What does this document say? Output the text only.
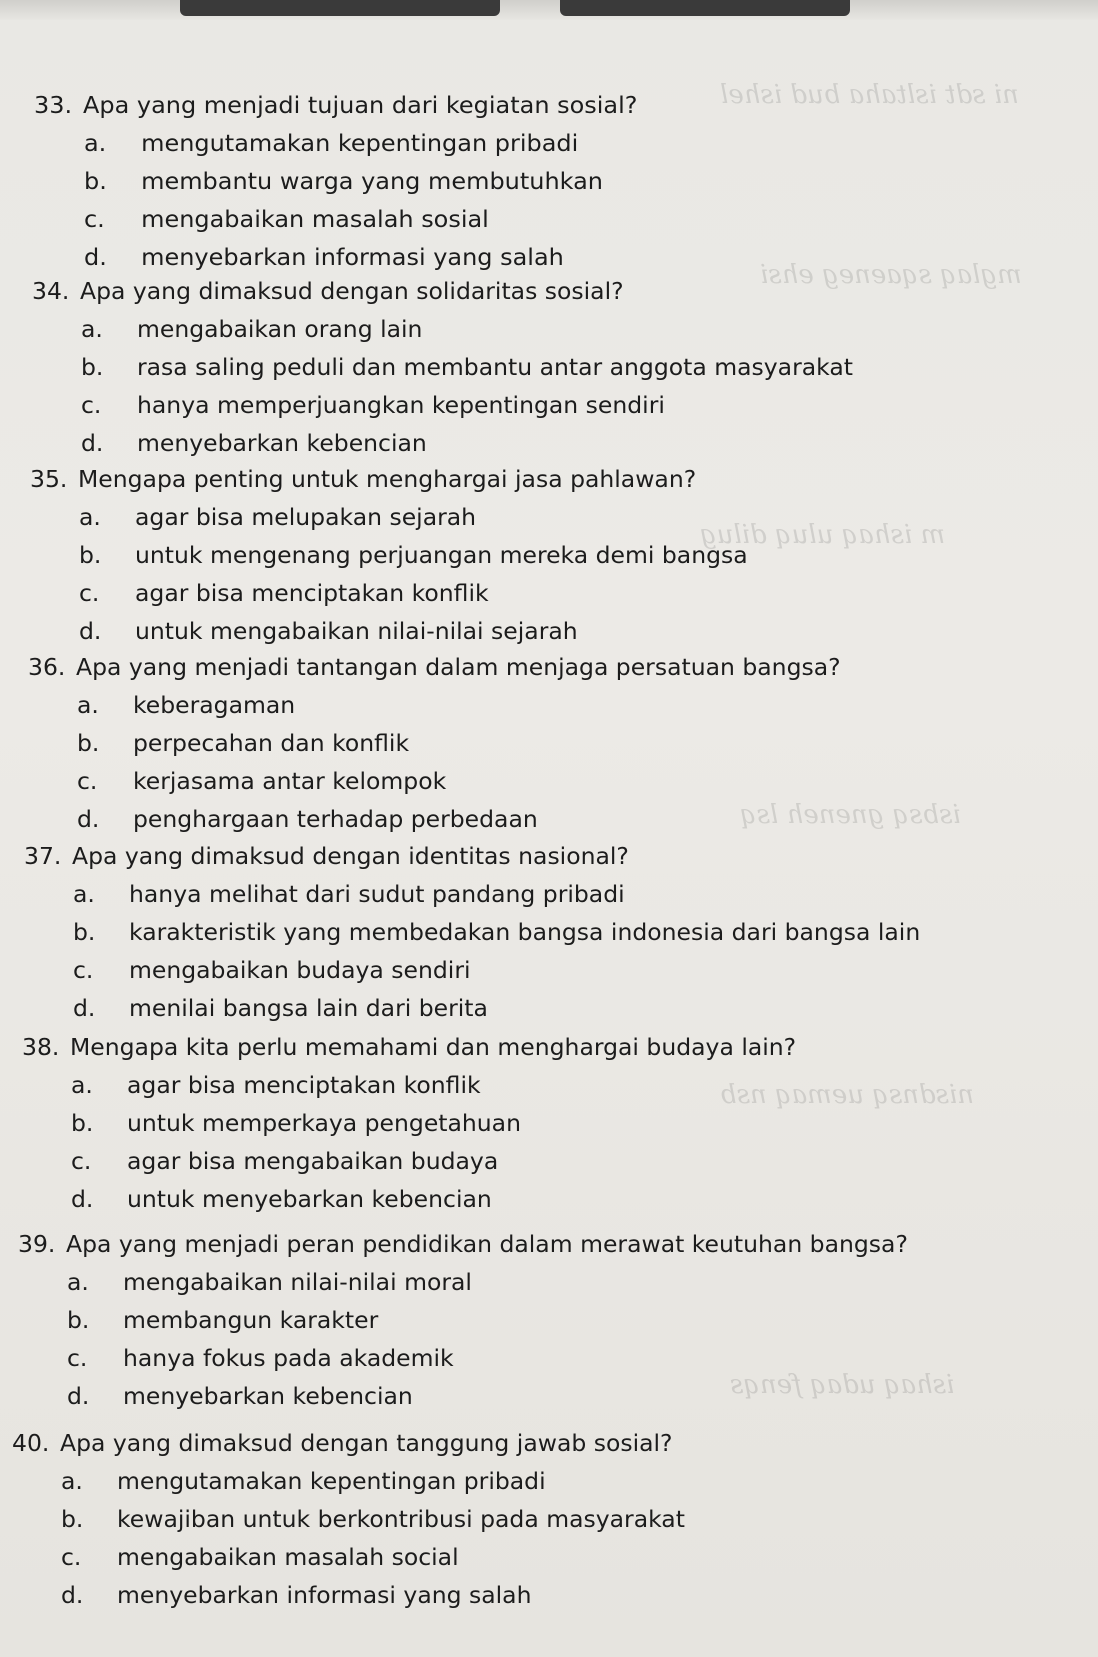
ni sdt isltaha bud ishel
mglaq sqaeneg ehsi
m ishaq uluq dilug
isbsq gneneh lsq
nisdnsq uemaq nsb
ishaq udaq fenqs
33. Apa yang menjadi tujuan dari kegiatan sosial?
a. mengutamakan kepentingan pribadi
b. membantu warga yang membutuhkan
c. mengabaikan masalah sosial
d. menyebarkan informasi yang salah
34. Apa yang dimaksud dengan solidaritas sosial?
a. mengabaikan orang lain
b. rasa saling peduli dan membantu antar anggota masyarakat
c. hanya memperjuangkan kepentingan sendiri
d. menyebarkan kebencian
35. Mengapa penting untuk menghargai jasa pahlawan?
a. agar bisa melupakan sejarah
b. untuk mengenang perjuangan mereka demi bangsa
c. agar bisa menciptakan konflik
d. untuk mengabaikan nilai-nilai sejarah
36. Apa yang menjadi tantangan dalam menjaga persatuan bangsa?
a. keberagaman
b. perpecahan dan konflik
c. kerjasama antar kelompok
d. penghargaan terhadap perbedaan
37. Apa yang dimaksud dengan identitas nasional?
a. hanya melihat dari sudut pandang pribadi
b. karakteristik yang membedakan bangsa indonesia dari bangsa lain
c. mengabaikan budaya sendiri
d. menilai bangsa lain dari berita
38. Mengapa kita perlu memahami dan menghargai budaya lain?
a. agar bisa menciptakan konflik
b. untuk memperkaya pengetahuan
c. agar bisa mengabaikan budaya
d. untuk menyebarkan kebencian
39. Apa yang menjadi peran pendidikan dalam merawat keutuhan bangsa?
a. mengabaikan nilai-nilai moral
b. membangun karakter
c. hanya fokus pada akademik
d. menyebarkan kebencian
40. Apa yang dimaksud dengan tanggung jawab sosial?
a. mengutamakan kepentingan pribadi
b. kewajiban untuk berkontribusi pada masyarakat
c. mengabaikan masalah social
d. menyebarkan informasi yang salah
